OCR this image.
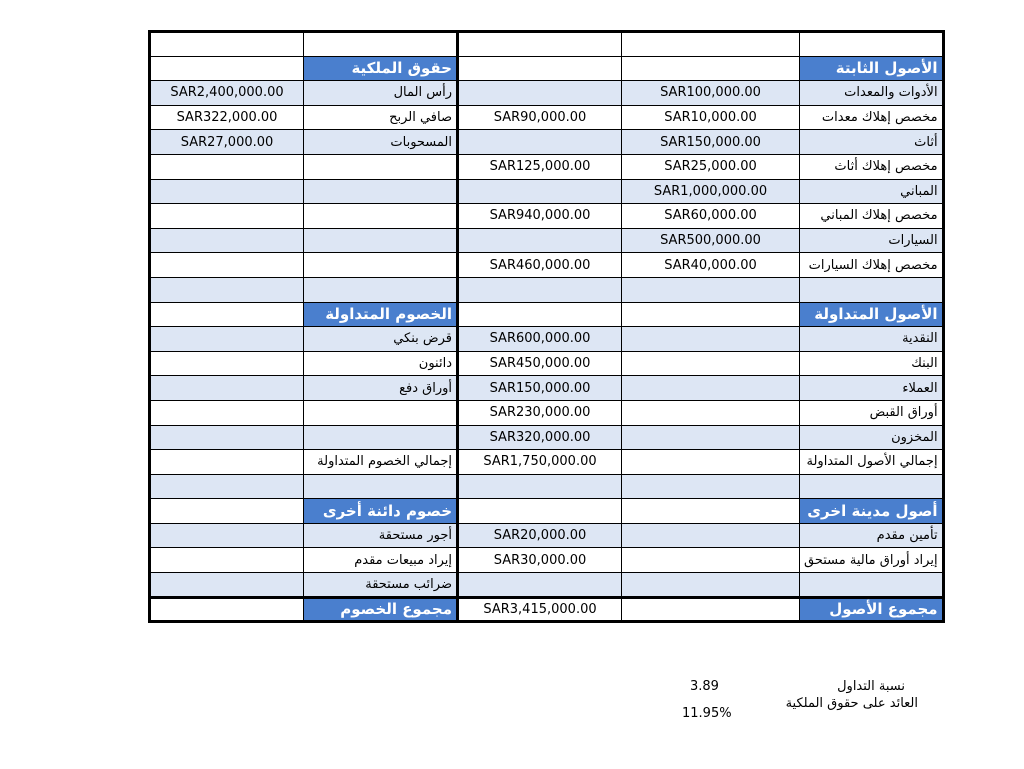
	حقوق الملكية			الأصول الثابتة
SAR2,400,000.00	رأس المال		SAR100,000.00	الأدوات والمعدات
SAR322,000.00	صافي الربح	SAR90,000.00	SAR10,000.00	مخصص إهلاك معدات
SAR27,000.00	المسحوبات		SAR150,000.00	أثاث
		SAR125,000.00	SAR25,000.00	مخصص إهلاك أثاث
			SAR1,000,000.00	المباني
		SAR940,000.00	SAR60,000.00	مخصص إهلاك المباني
			SAR500,000.00	السيارات
		SAR460,000.00	SAR40,000.00	مخصص إهلاك السيارات

	الخصوم المتداولة			الأصول المتداولة
	قرض بنكي	SAR600,000.00		النقدية
	دائنون	SAR450,000.00		البنك
	أوراق دفع	SAR150,000.00		العملاء
		SAR230,000.00		أوراق القبض
		SAR320,000.00		المخزون
	إجمالي الخصوم المتداولة	SAR1,750,000.00		إجمالي الأصول المتداولة

	خصوم دائنة أخرى			أصول مدينة اخرى
	أجور مستحقة	SAR20,000.00		تأمين مقدم
	إيراد مبيعات مقدم	SAR30,000.00		إيراد أوراق مالية مستحق
	ضرائب مستحقة			
	مجموع الخصوم	SAR3,415,000.00		مجموع الأصول
3.89	نسبة التداول
11.95%
العائد على حقوق الملكية
